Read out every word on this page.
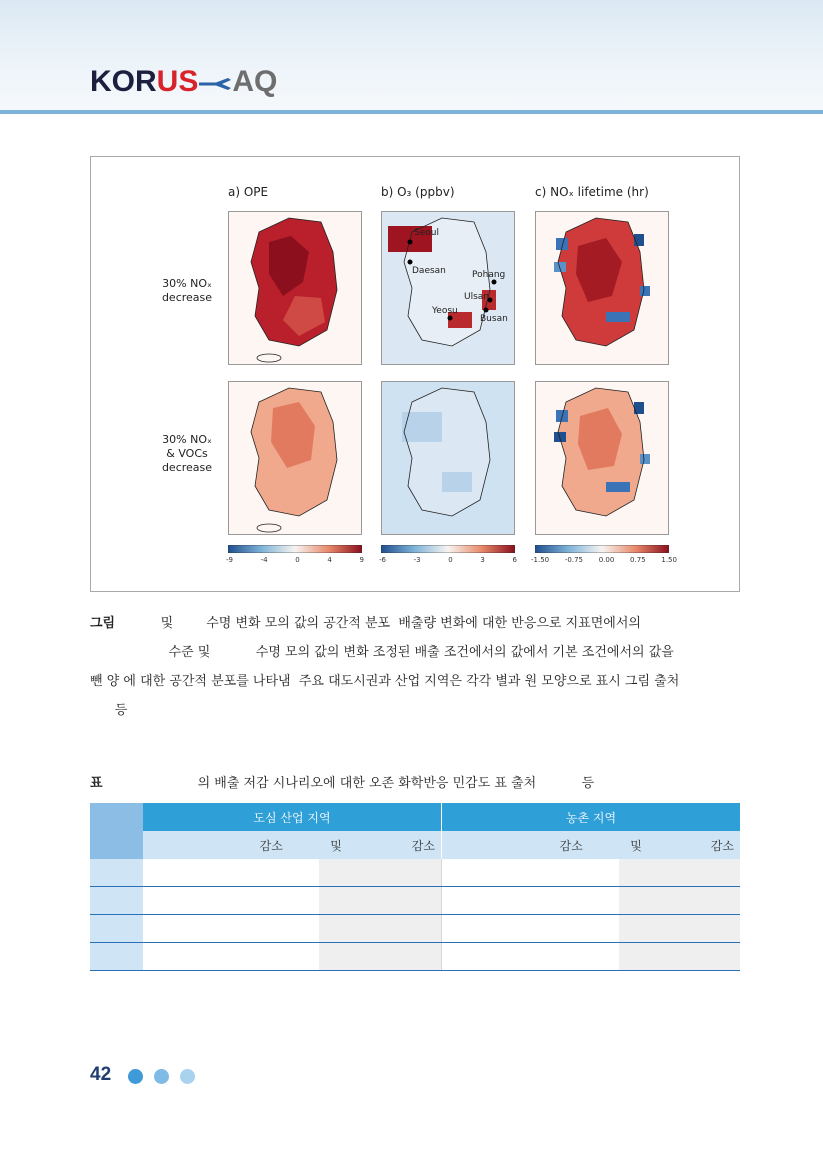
KO R US AQ
a) OPE	b) O₃ (ppbv)	c) NOₓ lifetime (hr)
30% NOₓ
decrease
30% NOₓ
& VOCs
decrease
Seoul
Daesan	Pohang
Ulsan
Yeosu
Busan
-9	-4	0	4	9 -6	-3	0	3	6 -1.50 -0.75 0.00 0.75 1.50
그림           및        수명 변화 모의 값의 공간적 분포  배출량 변화에 대한 반응으로 지표면에서의
수준 및           수명 모의 값의 변화 조정된 배출 조건에서의 값에서 기본 조건에서의 값을
뺀 양 에 대한 공간적 분포를 나타냄  주요 대도시권과 산업 지역은 각각 별과 원 모양으로 표시 그림 출처
등
표                       의 배출 저감 시나리오에 대한 오존 화학반응 민감도 표 출처           등
	도심 산업 지역			농촌 지역		
	감소	및	감소	감소	및	감소

42
